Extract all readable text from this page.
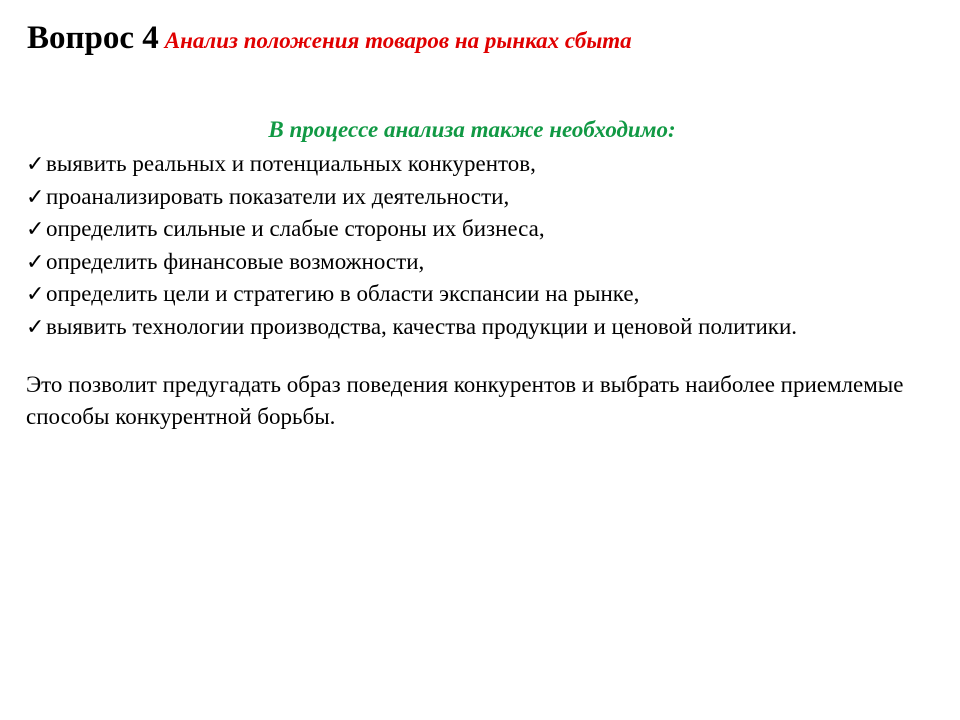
Вопрос 4 Анализ положения товаров на рынках сбыта
В процессе анализа также необходимо:
✓выявить реальных и потенциальных конкурентов,
✓проанализировать показатели их деятельности,
✓определить сильные и слабые стороны их бизнеса,
✓определить финансовые возможности,
✓определить цели и стратегию в области экспансии на рынке,
✓выявить технологии производства, качества продукции и ценовой политики.

Это позволит предугадать образ поведения конкурентов и выбрать наиболее приемлемые способы конкурентной борьбы.
